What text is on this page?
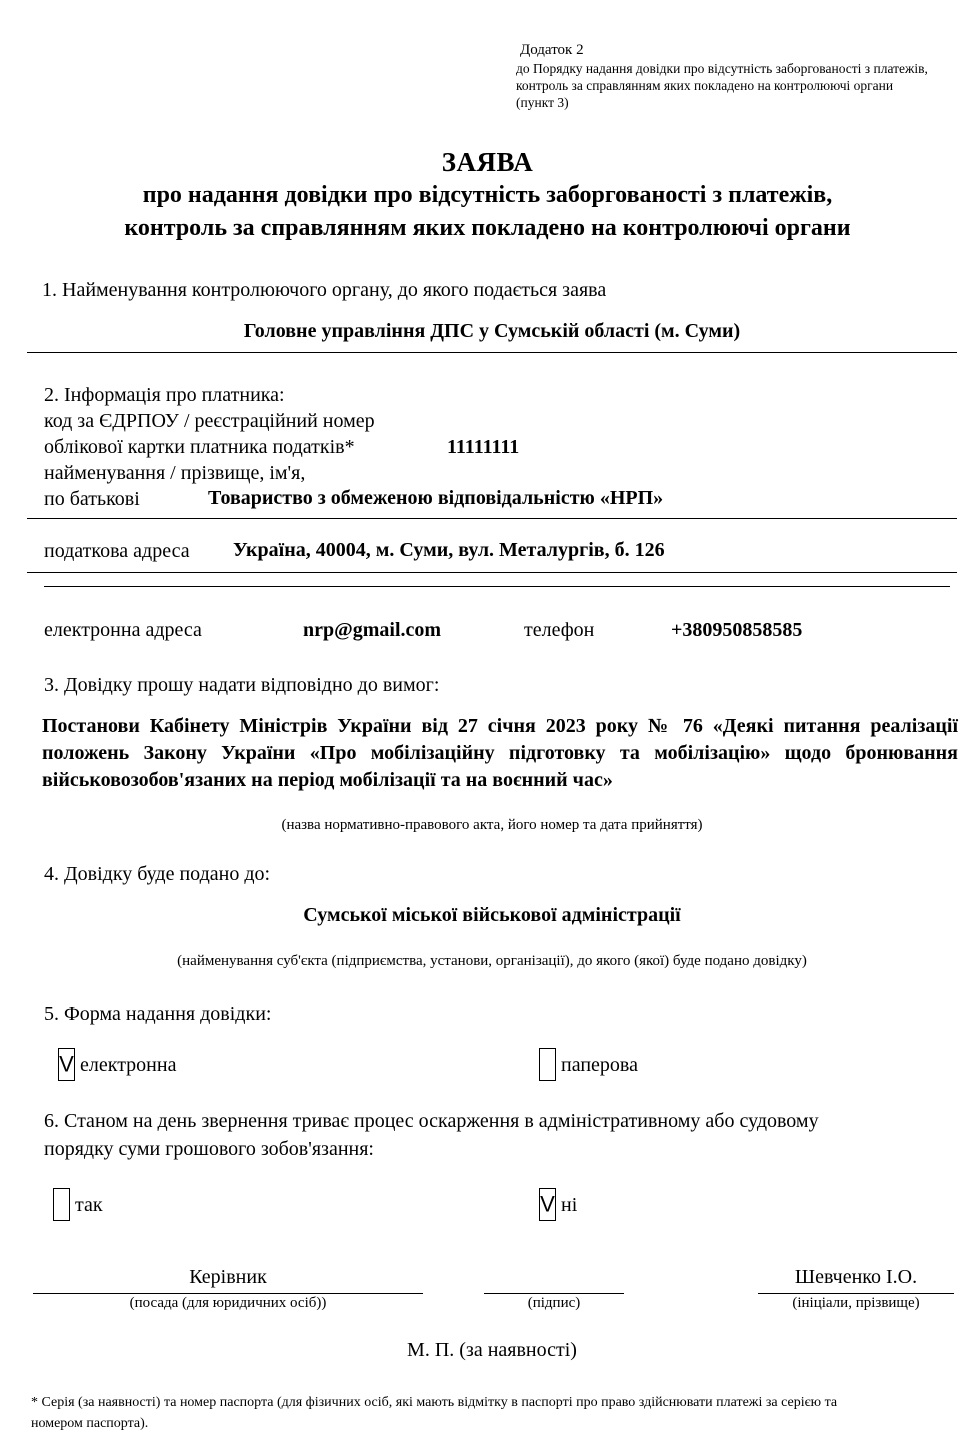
Додаток 2
до Порядку надання довідки про відсутність заборгованості з платежів,
контроль за справлянням яких покладено на контролюючі органи
(пункт 3)
ЗАЯВА
про надання довідки про відсутність заборгованості з платежів,
контроль за справлянням яких покладено на контролюючі органи
1. Найменування контролюючого органу, до якого подається заява
Головне управління ДПС у Сумській області (м. Суми)
2. Інформація про платника:
код за ЄДРПОУ / реєстраційний номер
облікової картки платника податків*	11111111
найменування / прізвище, ім'я,
по батькові	Товариство з обмеженою відповідальністю «НРП»
податкова адреса	Україна, 40004, м. Суми, вул. Металургів, б. 126
електронна адреса	nrp@gmail.com	телефон	+380950858585
3. Довідку прошу надати відповідно до вимог:
Постанови Кабінету Міністрів України від 27 січня 2023 року № 76 «Деякі питання реалізації положень Закону України «Про мобілізаційну підготовку та мобілізацію» щодо бронювання військовозобов'язаних на період мобілізації та на воєнний час»
(назва нормативно-правового акта, його номер та дата прийняття)
4. Довідку буде подано до:
Сумської міської військової адміністрації
(найменування суб'єкта (підприємства, установи, організації), до якого (якої) буде подано довідку)
5. Форма надання довідки:
V електронна	паперова
6. Станом на день звернення триває процес оскарження в адміністративному або судовому
порядку суми грошового зобов'язання:
так	V ні
Керівник
(посада (для юридичних осіб))	(підпис)
Шевченко І.О.
(ініціали, прізвище)
М. П. (за наявності)
* Серія (за наявності) та номер паспорта (для фізичних осіб, які мають відмітку в паспорті про право здійснювати платежі за серією та
номером паспорта).
